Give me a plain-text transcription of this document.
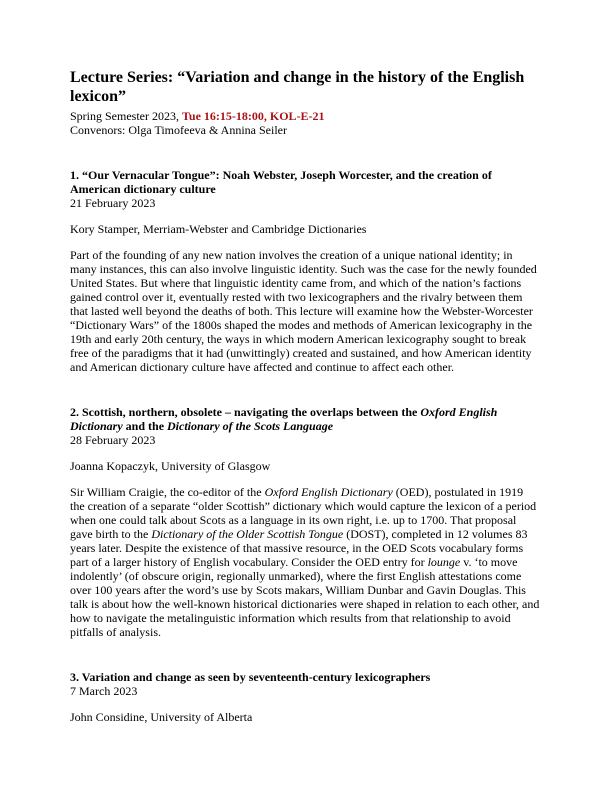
Lecture Series: “Variation and change in the history of the English lexicon”

Spring Semester 2023, Tue 16:15-18:00, KOL-E-21

Convenors: Olga Timofeeva & Annina Seiler

1. “Our Vernacular Tongue”: Noah Webster, Joseph Worcester, and the creation of American dictionary culture

21 February 2023

Kory Stamper, Merriam-Webster and Cambridge Dictionaries

Part of the founding of any new nation involves the creation of a unique national identity; in many instances, this can also involve linguistic identity. Such was the case for the newly founded United States. But where that linguistic identity came from, and which of the nation’s factions gained control over it, eventually rested with two lexicographers and the rivalry between them that lasted well beyond the deaths of both. This lecture will examine how the Webster-Worcester “Dictionary Wars” of the 1800s shaped the modes and methods of American lexicography in the 19th and early 20th century, the ways in which modern American lexicography sought to break free of the paradigms that it had (unwittingly) created and sustained, and how American identity and American dictionary culture have affected and continue to affect each other.

2. Scottish, northern, obsolete – navigating the overlaps between the Oxford English Dictionary and the Dictionary of the Scots Language

28 February 2023

Joanna Kopaczyk, University of Glasgow

Sir William Craigie, the co-editor of the Oxford English Dictionary (OED), postulated in 1919 the creation of a separate “older Scottish” dictionary which would capture the lexicon of a period when one could talk about Scots as a language in its own right, i.e. up to 1700. That proposal gave birth to the Dictionary of the Older Scottish Tongue (DOST), completed in 12 volumes 83 years later. Despite the existence of that massive resource, in the OED Scots vocabulary forms part of a larger history of English vocabulary. Consider the OED entry for lounge v. ‘to move indolently’ (of obscure origin, regionally unmarked), where the first English attestations come over 100 years after the word’s use by Scots makars, William Dunbar and Gavin Douglas. This talk is about how the well-known historical dictionaries were shaped in relation to each other, and how to navigate the metalinguistic information which results from that relationship to avoid pitfalls of analysis.

3. Variation and change as seen by seventeenth-century lexicographers

7 March 2023

John Considine, University of Alberta
